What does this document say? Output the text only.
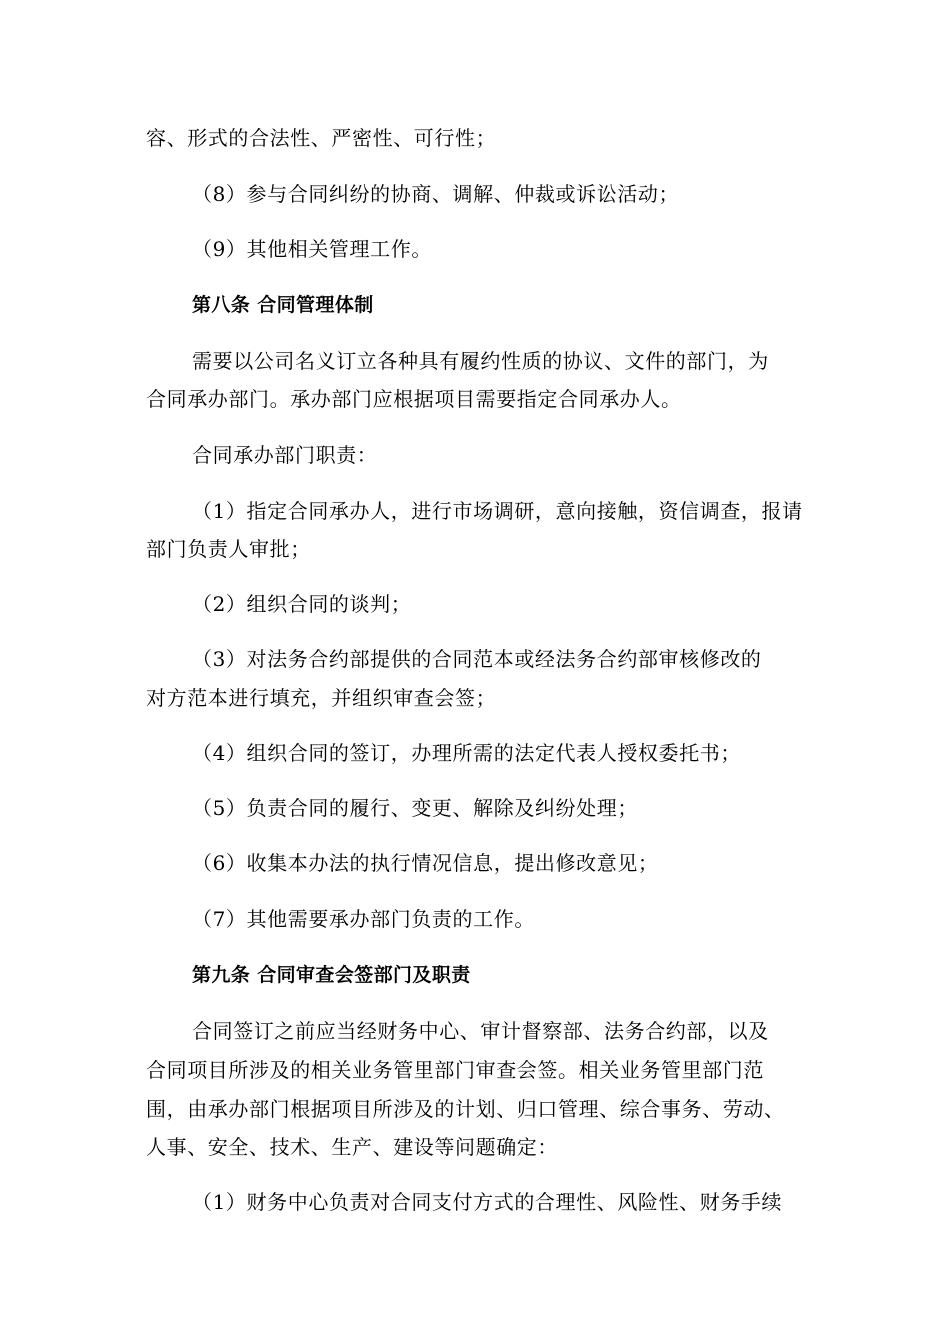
容、形式的合法性、严密性、可行性；
（8）参与合同纠纷的协商、调解、仲裁或诉讼活动；
（9）其他相关管理工作。
第八条 合同管理体制
需要以公司名义订立各种具有履约性质的协议、文件的部门，为
合同承办部门。承办部门应根据项目需要指定合同承办人。
合同承办部门职责：
（1）指定合同承办人，进行市场调研，意向接触，资信调查，报请
部门负责人审批；
（2）组织合同的谈判；
（3）对法务合约部提供的合同范本或经法务合约部审核修改的
对方范本进行填充，并组织审查会签；
（4）组织合同的签订，办理所需的法定代表人授权委托书；
（5）负责合同的履行、变更、解除及纠纷处理；
（6）收集本办法的执行情况信息，提出修改意见；
（7）其他需要承办部门负责的工作。
第九条 合同审查会签部门及职责
合同签订之前应当经财务中心、审计督察部、法务合约部，以及
合同项目所涉及的相关业务管里部门审查会签。相关业务管里部门范
围，由承办部门根据项目所涉及的计划、归口管理、综合事务、劳动、
人事、安全、技术、生产、建设等问题确定：
（1）财务中心负责对合同支付方式的合理性、风险性、财务手续
